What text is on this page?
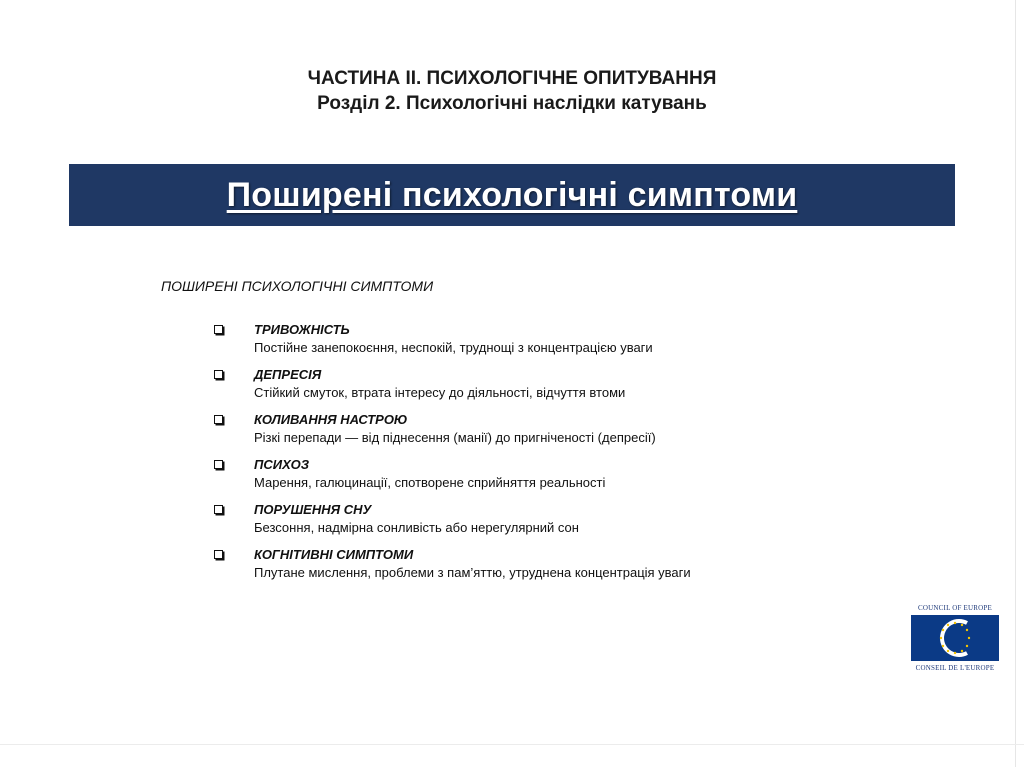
ЧАСТИНА ІІ. ПСИХОЛОГІЧНЕ ОПИТУВАННЯ
Розділ 2. Психологічні наслідки катувань
Поширені психологічні симптоми
ПОШИРЕНІ ПСИХОЛОГІЧНІ СИМПТОМИ
ТРИВОЖНІСТЬ
Постійне занепокоєння, неспокій, труднощі з концентрацією уваги
ДЕПРЕСІЯ
Стійкий смуток, втрата інтересу до діяльності, відчуття втоми
КОЛИВАННЯ НАСТРОЮ
Різкі перепади — від піднесення (манії) до пригніченості (депресії)
ПСИХОЗ
Марення, галюцинації, спотворене сприйняття реальності
ПОРУШЕННЯ СНУ
Безсоння, надмірна сонливість або нерегулярний сон
КОГНІТИВНІ СИМПТОМИ
Плутане мислення, проблеми з пам’яттю, утруднена концентрація уваги
COUNCIL OF EUROPE
CONSEIL DE L'EUROPE
